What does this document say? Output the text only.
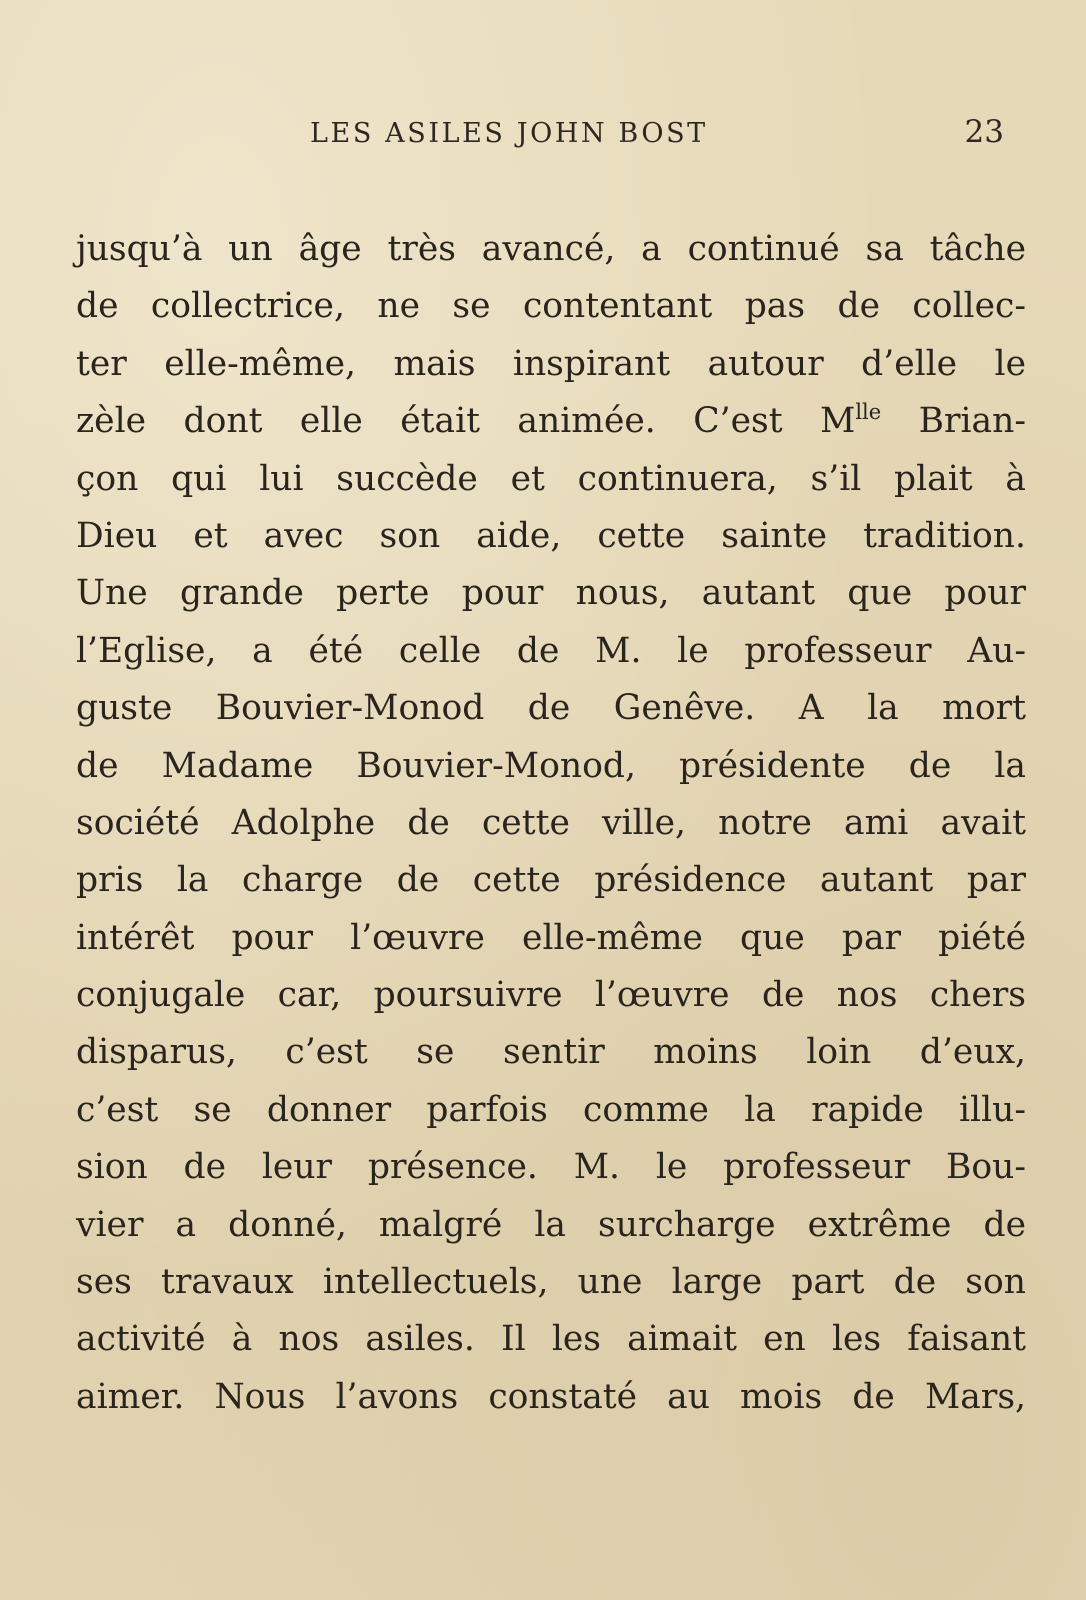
LES ASILES JOHN BOST	23
jusqu’à un âge très avancé, a continué sa tâche
de collectrice, ne se contentant pas de collec-
ter elle-même, mais inspirant autour d’elle le
zèle dont elle était animée. C’est $M^{lle}$ Brian-
çon qui lui succède et continuera, s’il plait à
Dieu et avec son aide, cette sainte tradition.
Une grande perte pour nous, autant que pour
l’Eglise, a été celle de M. le professeur Au-
guste Bouvier-Monod de Genêve. A la mort
de Madame Bouvier-Monod, présidente de la
société Adolphe de cette ville, notre ami avait
pris la charge de cette présidence autant par
intérêt pour l’œuvre elle-même que par piété
conjugale car, poursuivre l’œuvre de nos chers
disparus, c’est se sentir moins loin d’eux,
c’est se donner parfois comme la rapide illu-
sion de leur présence. M. le professeur Bou-
vier a donné, malgré la surcharge extrême de
ses travaux intellectuels, une large part de son
activité à nos asiles. Il les aimait en les faisant
aimer. Nous l’avons constaté au mois de Mars,
